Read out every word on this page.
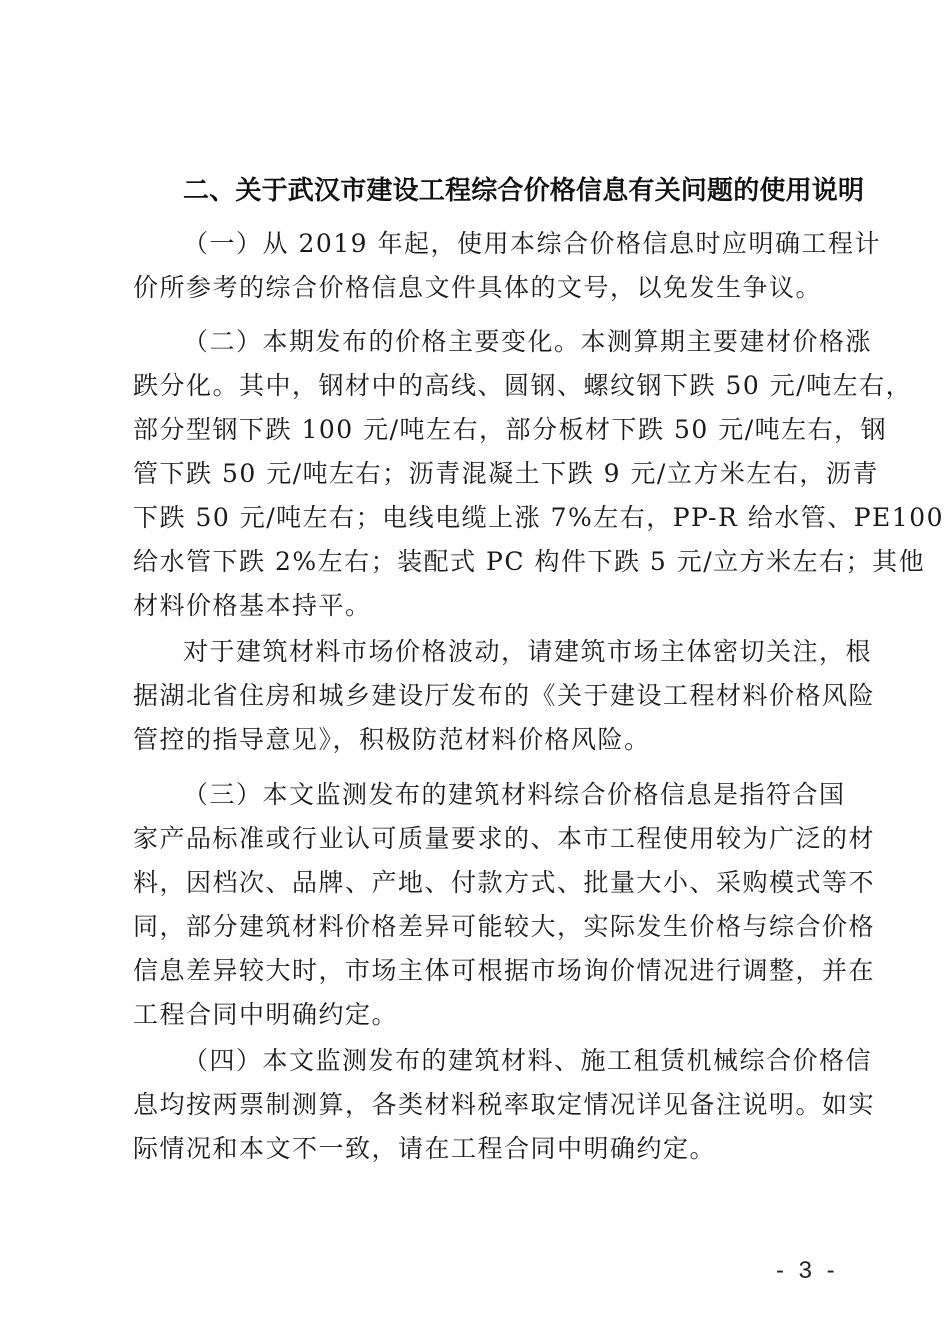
二、关于武汉市建设工程综合价格信息有关问题的使用说明
（一）从 2019 年起，使用本综合价格信息时应明确工程计
价所参考的综合价格信息文件具体的文号，以免发生争议。
（二）本期发布的价格主要变化。本测算期主要建材价格涨
跌分化。其中，钢材中的高线、圆钢、螺纹钢下跌 50 元/吨左右，
部分型钢下跌 100 元/吨左右，部分板材下跌 50 元/吨左右，钢
管下跌 50 元/吨左右；沥青混凝土下跌 9 元/立方米左右，沥青
下跌 50 元/吨左右；电线电缆上涨 7%左右，PP-R 给水管、PE100
给水管下跌 2%左右；装配式 PC 构件下跌 5 元/立方米左右；其他
材料价格基本持平。
对于建筑材料市场价格波动，请建筑市场主体密切关注，根
据湖北省住房和城乡建设厅发布的《关于建设工程材料价格风险
管控的指导意见》，积极防范材料价格风险。
（三）本文监测发布的建筑材料综合价格信息是指符合国
家产品标准或行业认可质量要求的、本市工程使用较为广泛的材
料，因档次、品牌、产地、付款方式、批量大小、采购模式等不
同，部分建筑材料价格差异可能较大，实际发生价格与综合价格
信息差异较大时，市场主体可根据市场询价情况进行调整，并在
工程合同中明确约定。
（四）本文监测发布的建筑材料、施工租赁机械综合价格信
息均按两票制测算，各类材料税率取定情况详见备注说明。如实
际情况和本文不一致，请在工程合同中明确约定。
- 3 -
